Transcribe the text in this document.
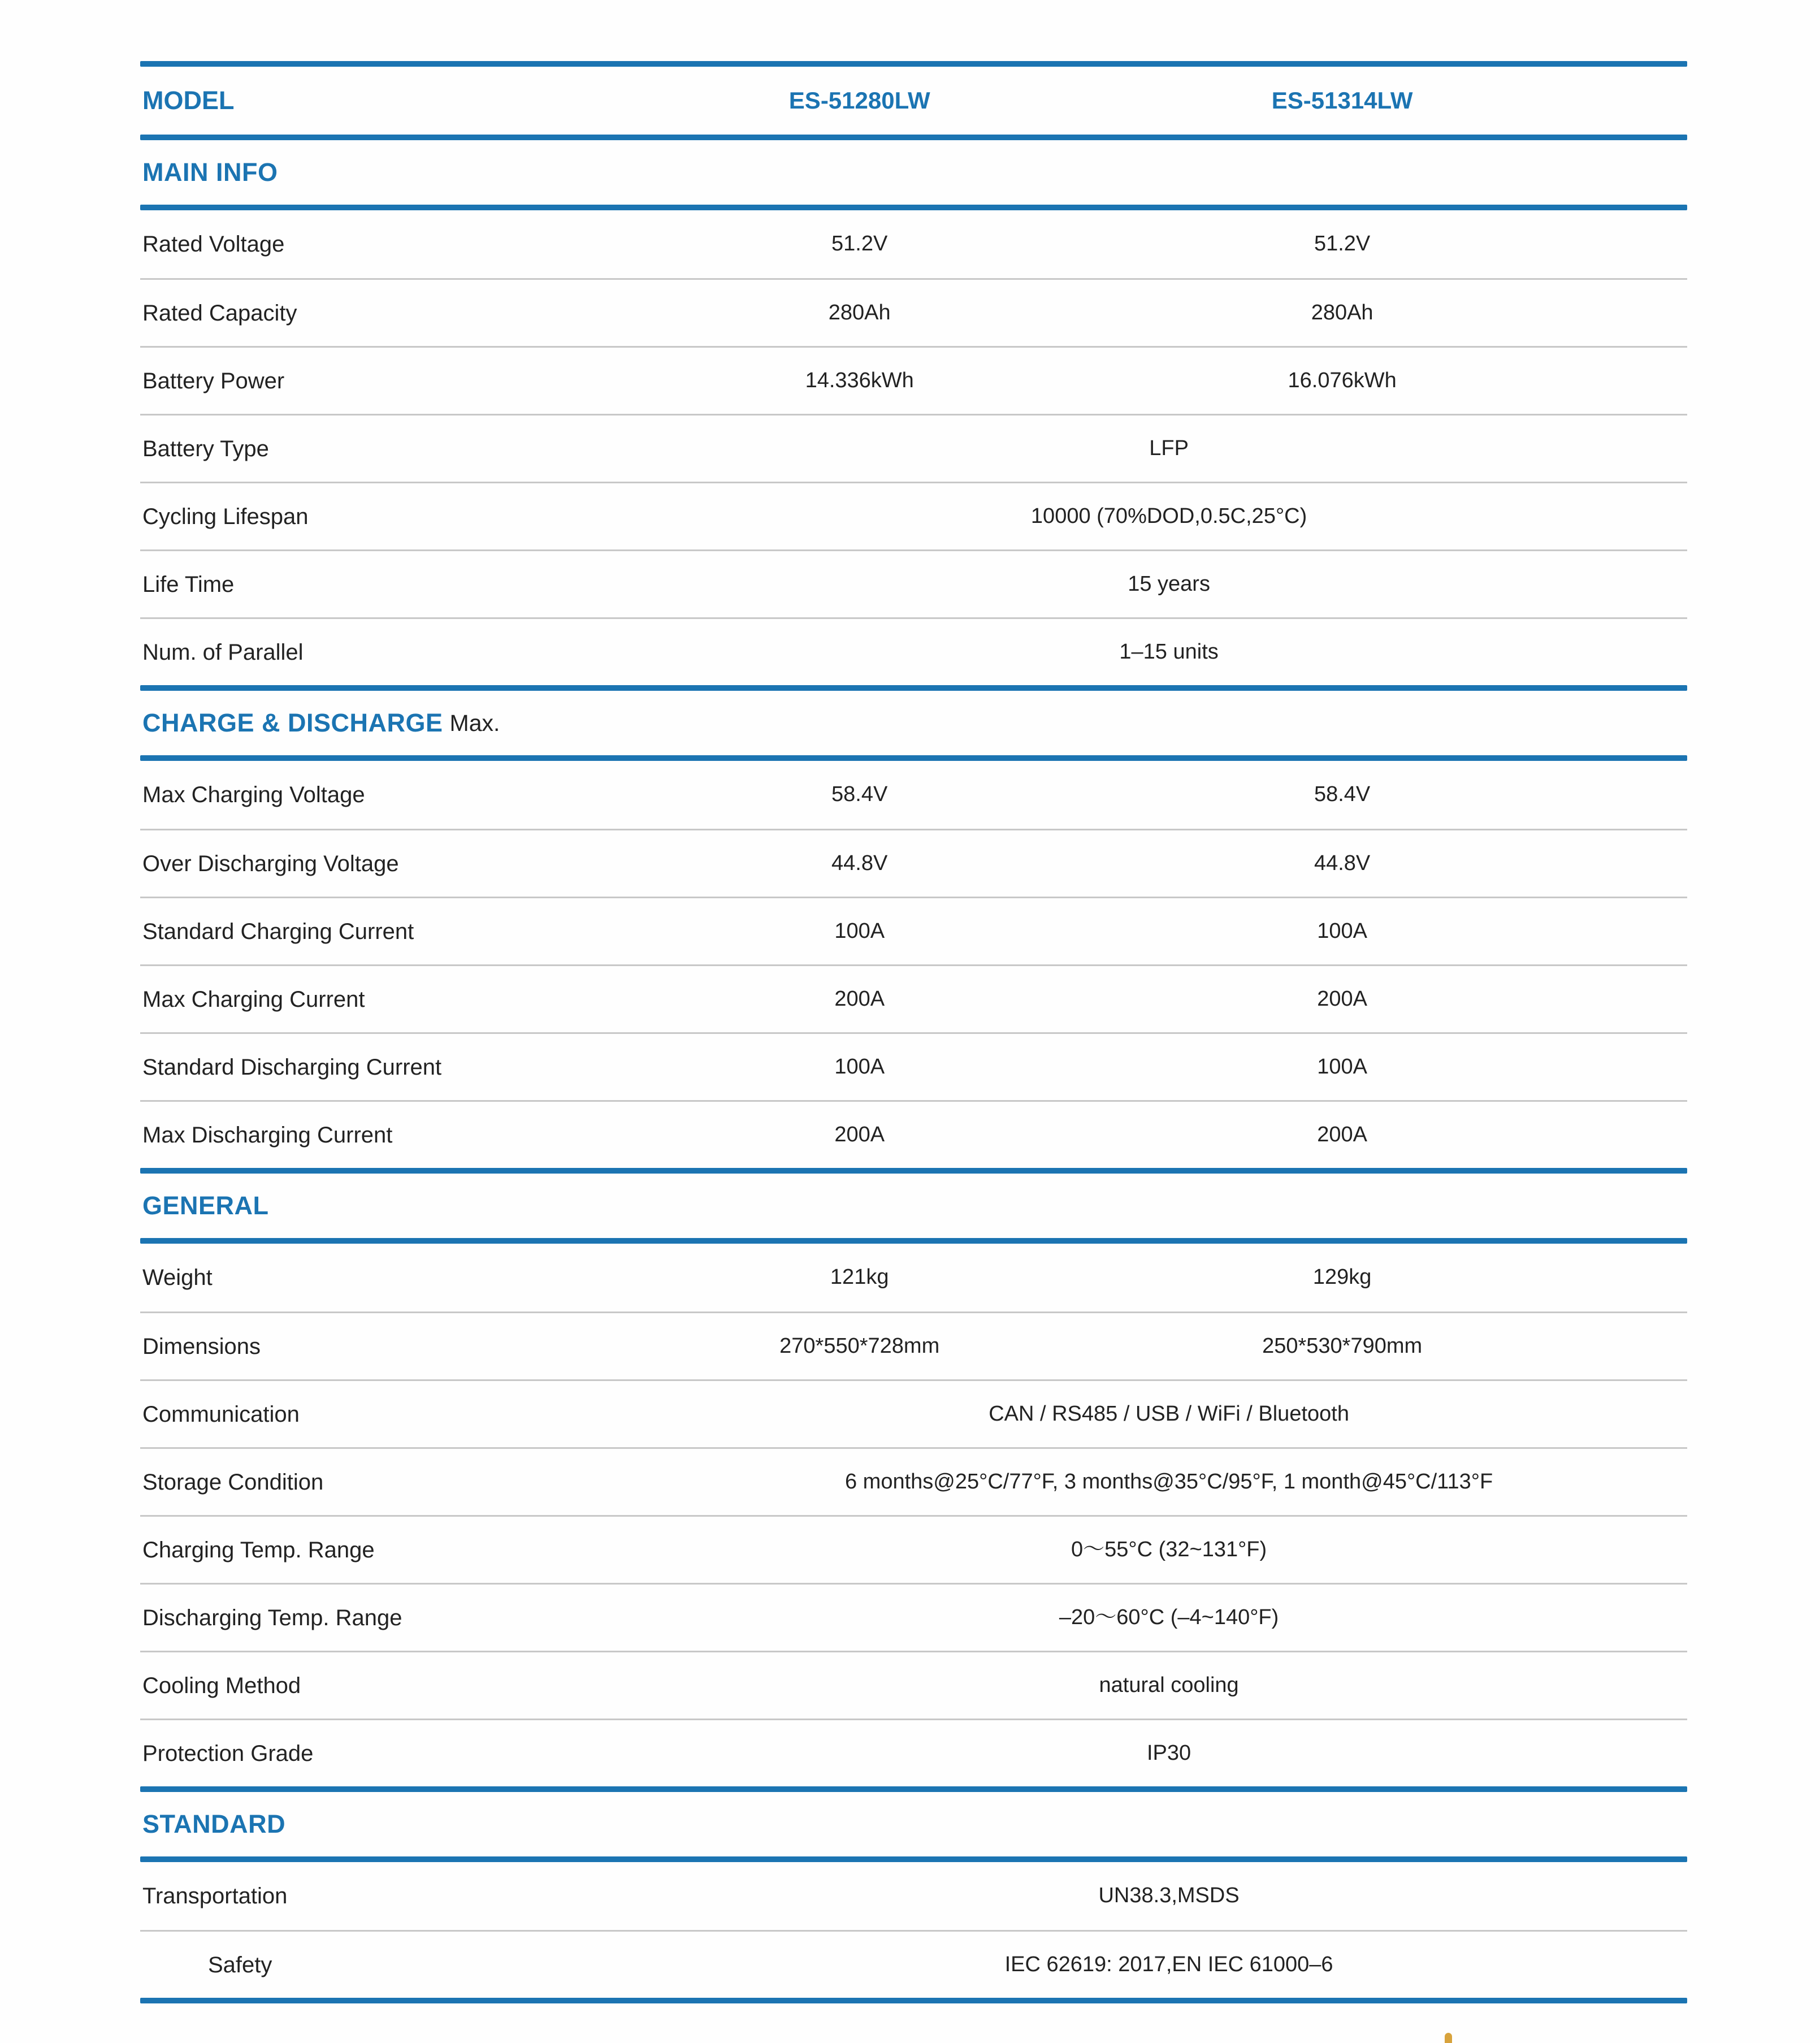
MODEL	ES-51280LW	ES-51314LW
MAIN INFO
Rated Voltage	51.2V	51.2V
Rated Capacity	280Ah	280Ah
Battery Power	14.336kWh	16.076kWh
Battery Type	LFP
Cycling Lifespan	10000 (70%DOD,0.5C,25°C)
Life Time	15 years
Num. of Parallel	1–15 units
CHARGE & DISCHARGE Max.
Max Charging Voltage	58.4V	58.4V
Over Discharging Voltage	44.8V	44.8V
Standard Charging Current	100A	100A
Max Charging Current	200A	200A
Standard Discharging Current	100A	100A
Max Discharging Current	200A	200A
GENERAL
Weight	121kg	129kg
Dimensions	270*550*728mm	250*530*790mm
Communication	CAN / RS485 / USB / WiFi / Bluetooth
Storage Condition	6 months@25°C/77°F, 3 months@35°C/95°F, 1 month@45°C/113°F
Charging Temp. Range	0～55°C (32~131°F)
Discharging Temp. Range	–20～60°C (–4~140°F)
Cooling Method	natural cooling
Protection Grade	IP30
STANDARD
Transportation	UN38.3,MSDS
Safety	IEC 62619: 2017,EN IEC 61000–6
